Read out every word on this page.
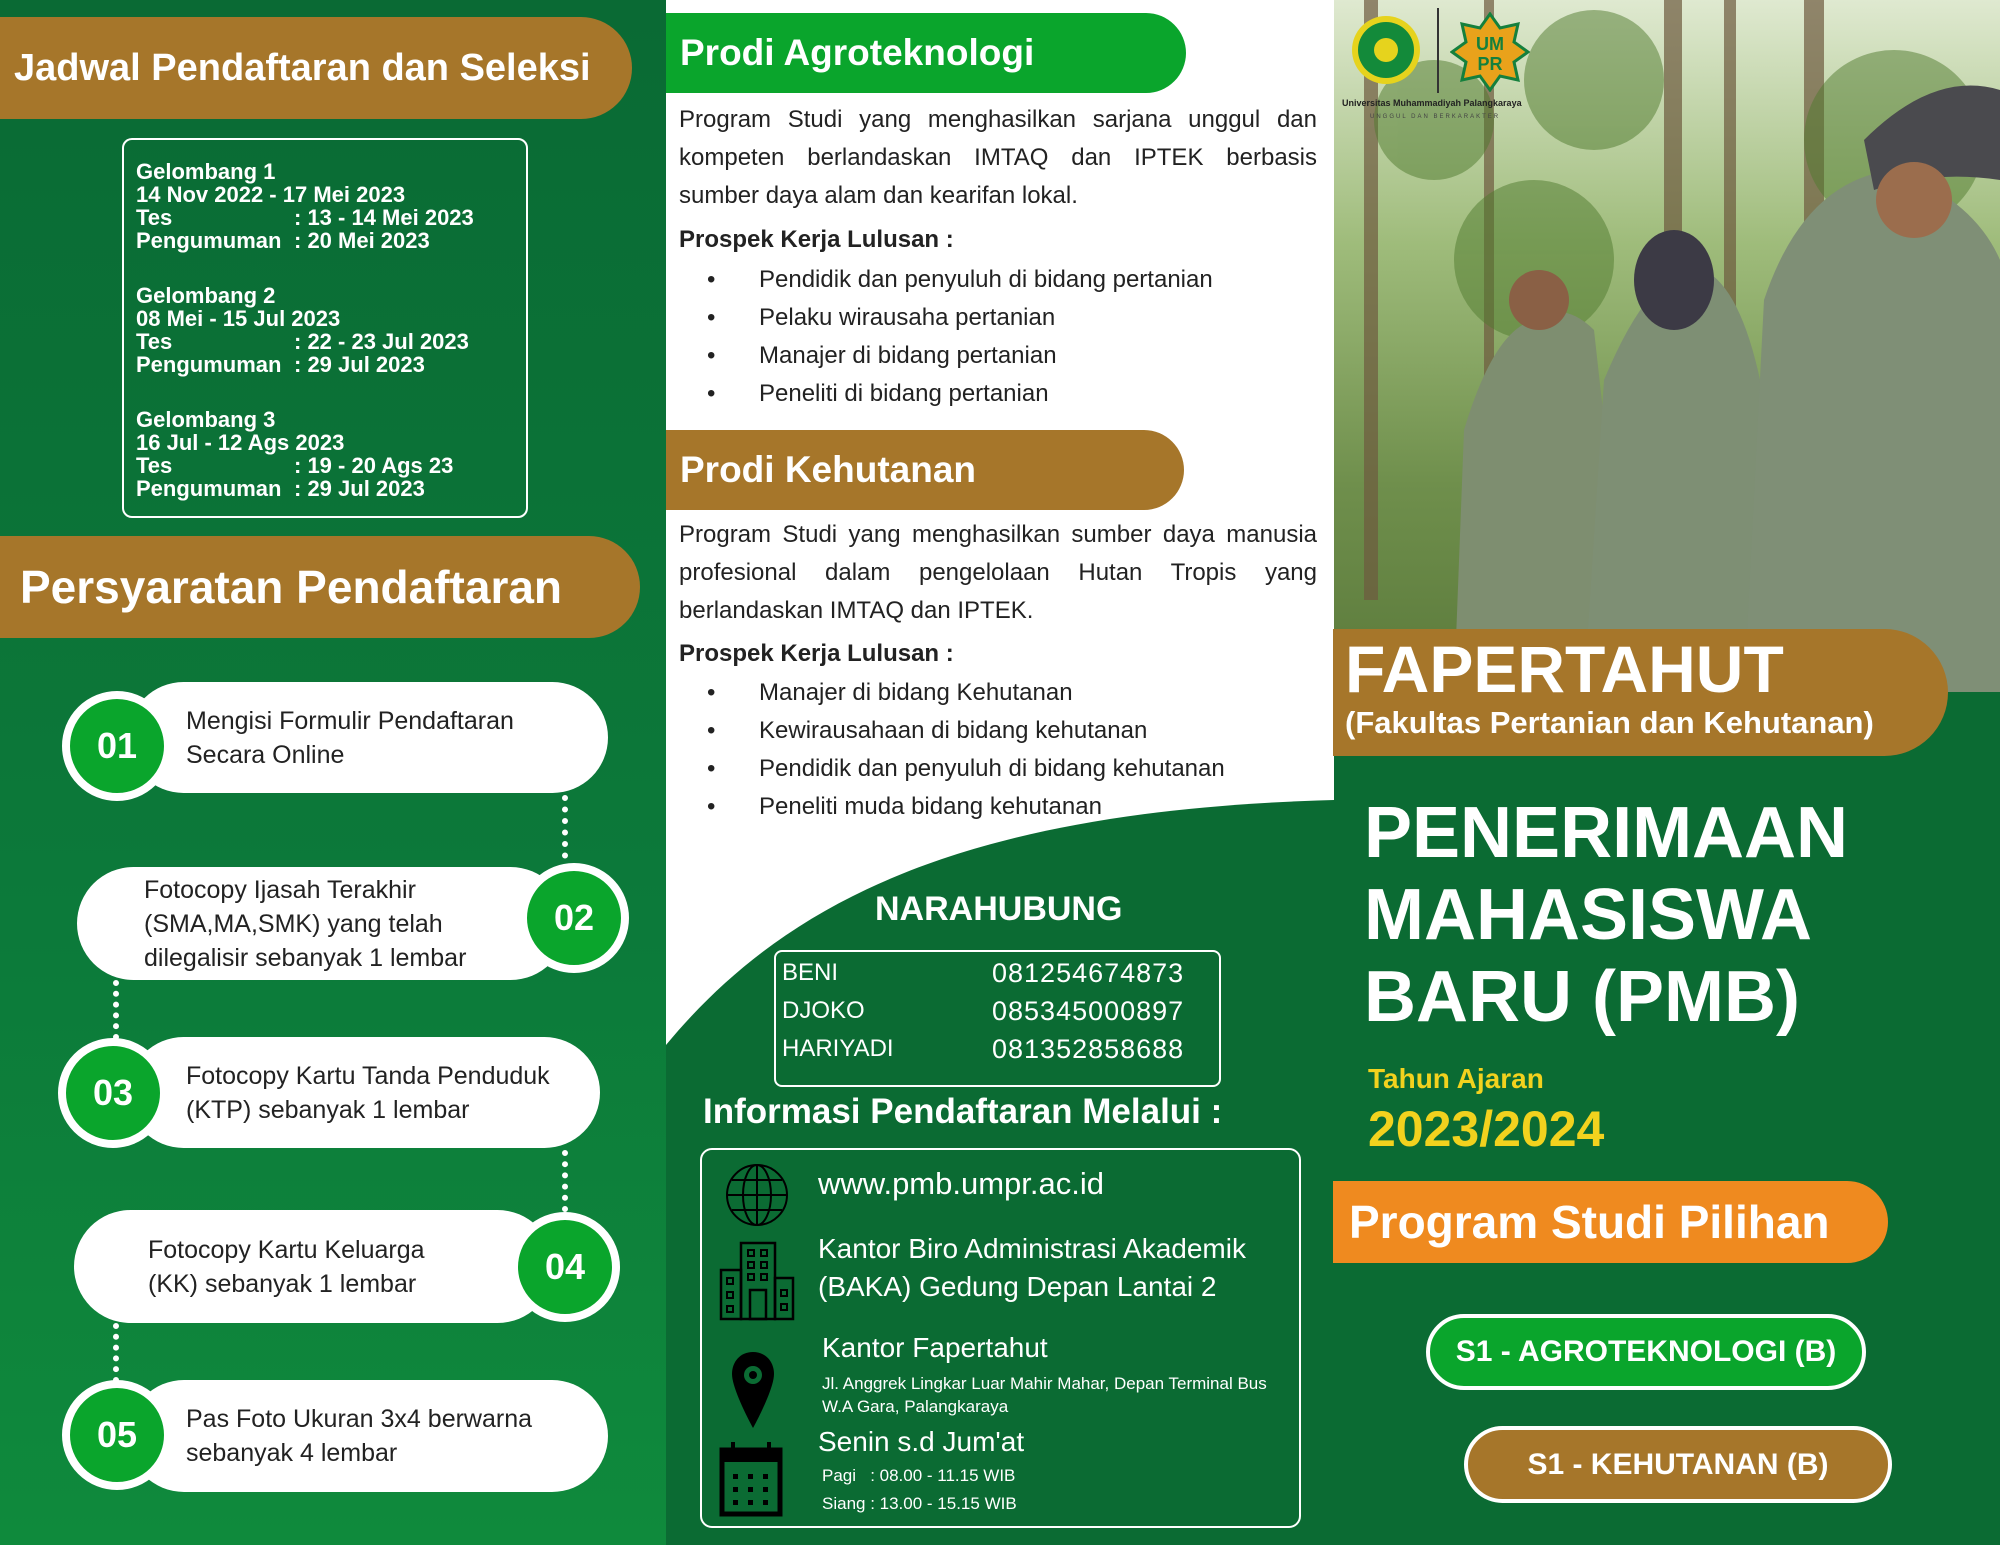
Jadwal Pendaftaran dan Seleksi
Gelombang 1
14 Nov 2022 - 17 Mei 2023
Tes	: 13 - 14 Mei 2023
Pengumuman : 20 Mei 2023
Gelombang 2
08 Mei - 15 Jul 2023
Tes	: 22 - 23 Jul 2023
Pengumuman : 29 Jul 2023
Gelombang 3
16 Jul - 12 Ags 2023
Tes	: 19 - 20 Ags 23
Pengumuman : 29 Jul 2023
Persyaratan Pendaftaran
Mengisi Formulir Pendaftaran Secara Online
01
Fotocopy Ijasah Terakhir (SMA,MA,SMK) yang telah dilegalisir sebanyak 1 lembar
02
Fotocopy Kartu Tanda Penduduk (KTP) sebanyak 1 lembar
03
Fotocopy Kartu Keluarga (KK) sebanyak 1 lembar	04
Pas Foto Ukuran 3x4 berwarna sebanyak 4 lembar
05
Prodi Agroteknologi
Program Studi yang menghasilkan sarjana unggul dan kompeten berlandaskan IMTAQ dan IPTEK berbasis sumber daya alam dan kearifan lokal.
Prospek Kerja Lulusan :
• Pendidik dan penyuluh di bidang pertanian
• Pelaku wirausaha pertanian
• Manajer di bidang pertanian
• Peneliti di bidang pertanian
Prodi Kehutanan
Program Studi yang menghasilkan sumber daya manusia profesional dalam pengelolaan Hutan Tropis yang berlandaskan IMTAQ dan IPTEK.
Prospek Kerja Lulusan :
• Manajer di bidang Kehutanan
• Kewirausahaan di bidang kehutanan
• Pendidik dan penyuluh di bidang kehutanan
• Peneliti muda bidang kehutanan
NARAHUBUNG
BENI	081254674873
DJOKO	085345000897
HARIYADI	081352858688
Informasi Pendaftaran Melalui :
www.pmb.umpr.ac.id
Kantor Biro Administrasi Akademik (BAKA) Gedung Depan Lantai 2
Kantor Fapertahut
Jl. Anggrek Lingkar Luar Mahir Mahar, Depan Terminal Bus W.A Gara, Palangkaraya
Senin s.d Jum'at
Pagi   : 08.00 - 11.15 WIB
Siang : 13.00 - 15.15 WIB
UM
PR
Universitas Muhammadiyah Palangkaraya
UNGGUL DAN BERKARAKTER
FAPERTAHUT
(Fakultas Pertanian dan Kehutanan)
PENERIMAAN
MAHASISWA
BARU (PMB)
Tahun Ajaran
2023/2024
Program Studi Pilihan
S1 - AGROTEKNOLOGI (B)
S1 - KEHUTANAN (B)
